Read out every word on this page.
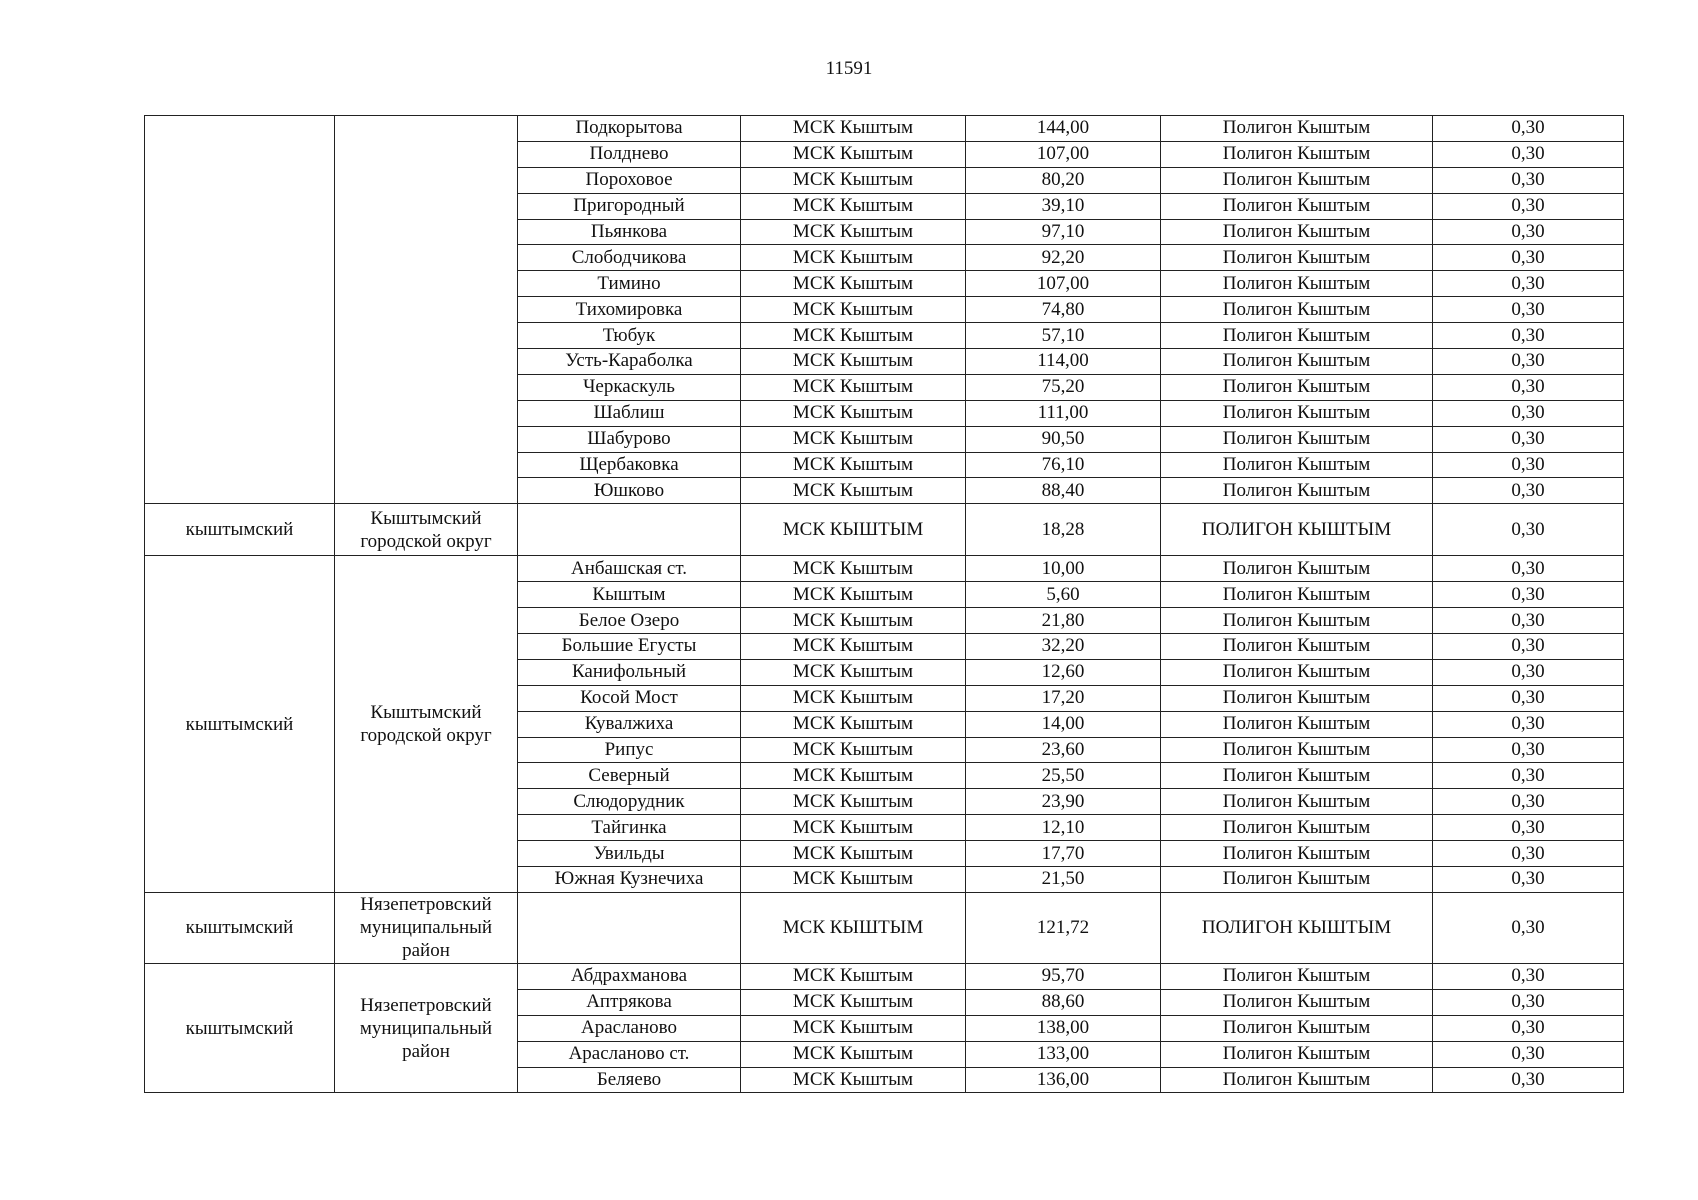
11591
		Подкорытова	МСК Кыштым	144,00	Полигон Кыштым	0,30
		Полднево	МСК Кыштым	107,00	Полигон Кыштым	0,30
		Пороховое	МСК Кыштым	80,20	Полигон Кыштым	0,30
		Пригородный	МСК Кыштым	39,10	Полигон Кыштым	0,30
		Пьянкова	МСК Кыштым	97,10	Полигон Кыштым	0,30
		Слободчикова	МСК Кыштым	92,20	Полигон Кыштым	0,30
		Тимино	МСК Кыштым	107,00	Полигон Кыштым	0,30
		Тихомировка	МСК Кыштым	74,80	Полигон Кыштым	0,30
		Тюбук	МСК Кыштым	57,10	Полигон Кыштым	0,30
		Усть-Караболка	МСК Кыштым	114,00	Полигон Кыштым	0,30
		Черкаскуль	МСК Кыштым	75,20	Полигон Кыштым	0,30
		Шаблиш	МСК Кыштым	111,00	Полигон Кыштым	0,30
		Шабурово	МСК Кыштым	90,50	Полигон Кыштым	0,30
		Щербаковка	МСК Кыштым	76,10	Полигон Кыштым	0,30
		Юшково	МСК Кыштым	88,40	Полигон Кыштым	0,30
кыштымский	Кыштымский городской округ		МСК КЫШТЫМ	18,28	ПОЛИГОН КЫШТЫМ	0,30
кыштымский	Кыштымский городской округ	Анбашская ст.	МСК Кыштым	10,00	Полигон Кыштым	0,30
		Кыштым	МСК Кыштым	5,60	Полигон Кыштым	0,30
		Белое Озеро	МСК Кыштым	21,80	Полигон Кыштым	0,30
		Большие Егусты	МСК Кыштым	32,20	Полигон Кыштым	0,30
		Канифольный	МСК Кыштым	12,60	Полигон Кыштым	0,30
		Косой Мост	МСК Кыштым	17,20	Полигон Кыштым	0,30
		Кувалжиха	МСК Кыштым	14,00	Полигон Кыштым	0,30
		Рипус	МСК Кыштым	23,60	Полигон Кыштым	0,30
		Северный	МСК Кыштым	25,50	Полигон Кыштым	0,30
		Слюдорудник	МСК Кыштым	23,90	Полигон Кыштым	0,30
		Тайгинка	МСК Кыштым	12,10	Полигон Кыштым	0,30
		Увильды	МСК Кыштым	17,70	Полигон Кыштым	0,30
		Южная Кузнечиха	МСК Кыштым	21,50	Полигон Кыштым	0,30
кыштымский	Нязепетровский муниципальный район		МСК КЫШТЫМ	121,72	ПОЛИГОН КЫШТЫМ	0,30
кыштымский	Нязепетровский муниципальный район	Абдрахманова	МСК Кыштым	95,70	Полигон Кыштым	0,30
		Аптрякова	МСК Кыштым	88,60	Полигон Кыштым	0,30
		Арасланово	МСК Кыштым	138,00	Полигон Кыштым	0,30
		Арасланово ст.	МСК Кыштым	133,00	Полигон Кыштым	0,30
		Беляево	МСК Кыштым	136,00	Полигон Кыштым	0,30
